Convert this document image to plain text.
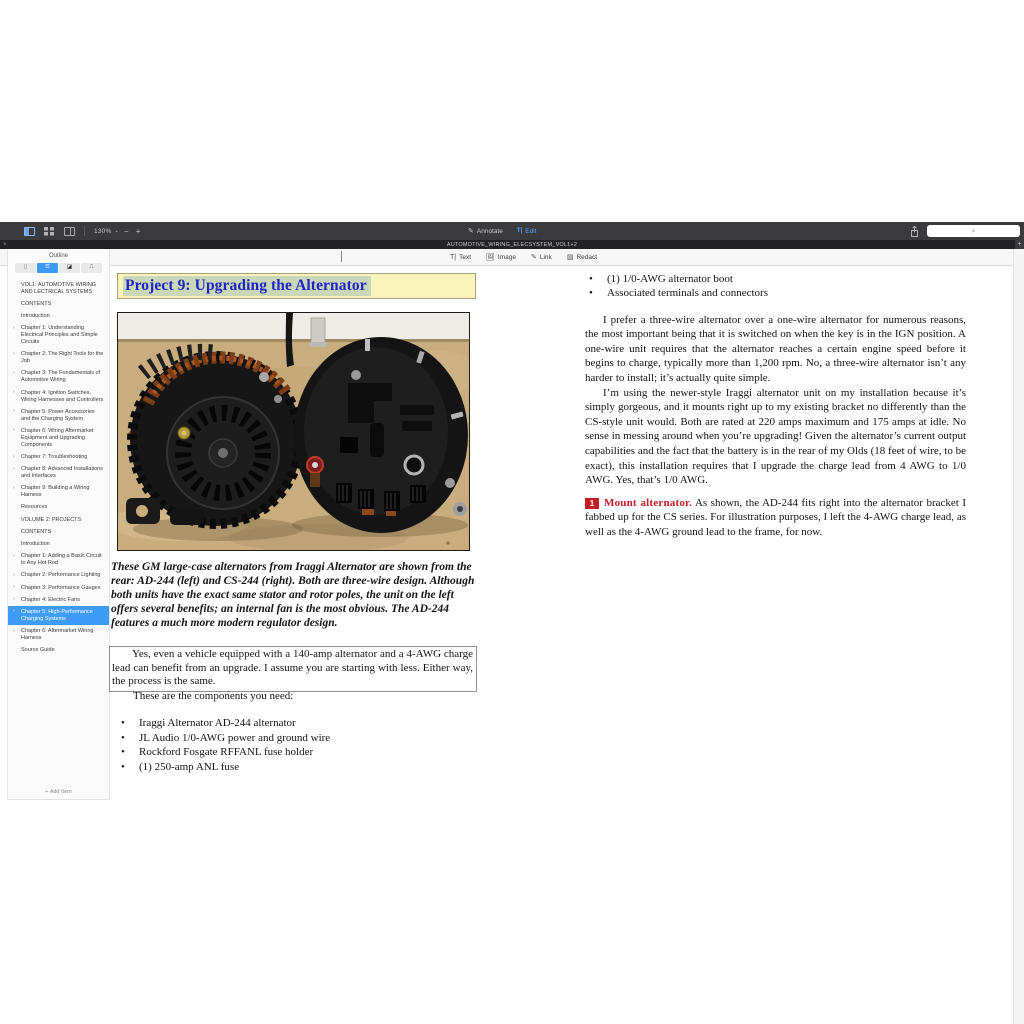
130% ⌄ − +	✎ Annotate T| Edit	⌕
×	AUTOMOTIVE_WIRING_ELECSYSTEM_VOL1+2	+
T| Text 🖼 Image ✎ Link ▨ Redact
Outline
▯	☰	◪	⎍
VOL1: AUTOMOTIVE WIRING AND LECTRICAL SYSTEMS
CONTENTS
Introduction
› Chapter 1: Understanding Electrical Principles and Simple Circuits
› Chapter 2: The Right Tools for the Job
› Chapter 3: The Fundamentals of Automotive Wiring
› Chapter 4: Ignition Switches, Wiring Harnesses and Controllers
› Chapter 5: Power Accessories and the Charging System
› Chapter 6: Wiring Aftermarket Equipment and Upgrading Components
› Chapter 7: Troubleshooting
› Chapter 8: Advanced Installations and Interfaces
› Chapter 9: Building a Wiring Harness
Resources
VOLUME 2: PROJECTS
CONTENTS
Introduction
› Chapter 1: Adding a Basic Circuit to Any Hot Rod
› Chapter 2: Performance Lighting
› Chapter 3: Performance Gauges
› Chapter 4: Electric Fans
› Chapter 5: High-Performance Charging Systems
› Chapter 6: Aftermarket Wiring Harness
Source Guide
+ Add Item
Project 9: Upgrading the Alternator
These GM large-case alternators from Iraggi Alternator are shown from the rear: AD-244 (left) and CS-244 (right). Both are three-wire design. Although both units have the exact same stator and rotor poles, the unit on the left offers several benefits; an internal fan is the most obvious. The AD-244 features a much more modern regulator design.

Yes, even a vehicle equipped with a 140-amp alternator and a 4-AWG charge lead can benefit from an upgrade. I assume you are starting with less. Either way, the process is the same.

These are the components you need:
• Iraggi Alternator AD-244 alternator
• JL Audio 1/0-AWG power and ground wire
• Rockford Fosgate RFFANL fuse holder
• (1) 250-amp ANL fuse
• (1) 1/0-AWG alternator boot
• Associated terminals and connectors

I prefer a three-wire alternator over a one-wire alternator for numerous reasons, the most important being that it is switched on when the key is in the IGN position. A one-wire unit requires that the alternator reaches a certain engine speed before it begins to charge, typically more than 1,200 rpm. No, a three-wire alternator isn’t any harder to install; it’s actually quite simple.

I’m using the newer-style Iraggi alternator unit on my installation because it’s simply gorgeous, and it mounts right up to my existing bracket no differently than the CS-style unit would. Both are rated at 220 amps maximum and 175 amps at idle. No sense in messing around when you’re upgrading! Given the alternator’s current output capabilities and the fact that the battery is in the rear of my Olds (18 feet of wire, to be exact), this installation requires that I upgrade the charge lead from 4 AWG to 1/0 AWG. Yes, that’s 1/0 AWG.

1 Mount alternator. As shown, the AD-244 fits right into the alternator bracket I fabbed up for the CS series. For illustration purposes, I left the 4-AWG charge lead, as well as the 4-AWG ground lead to the frame, for now.
